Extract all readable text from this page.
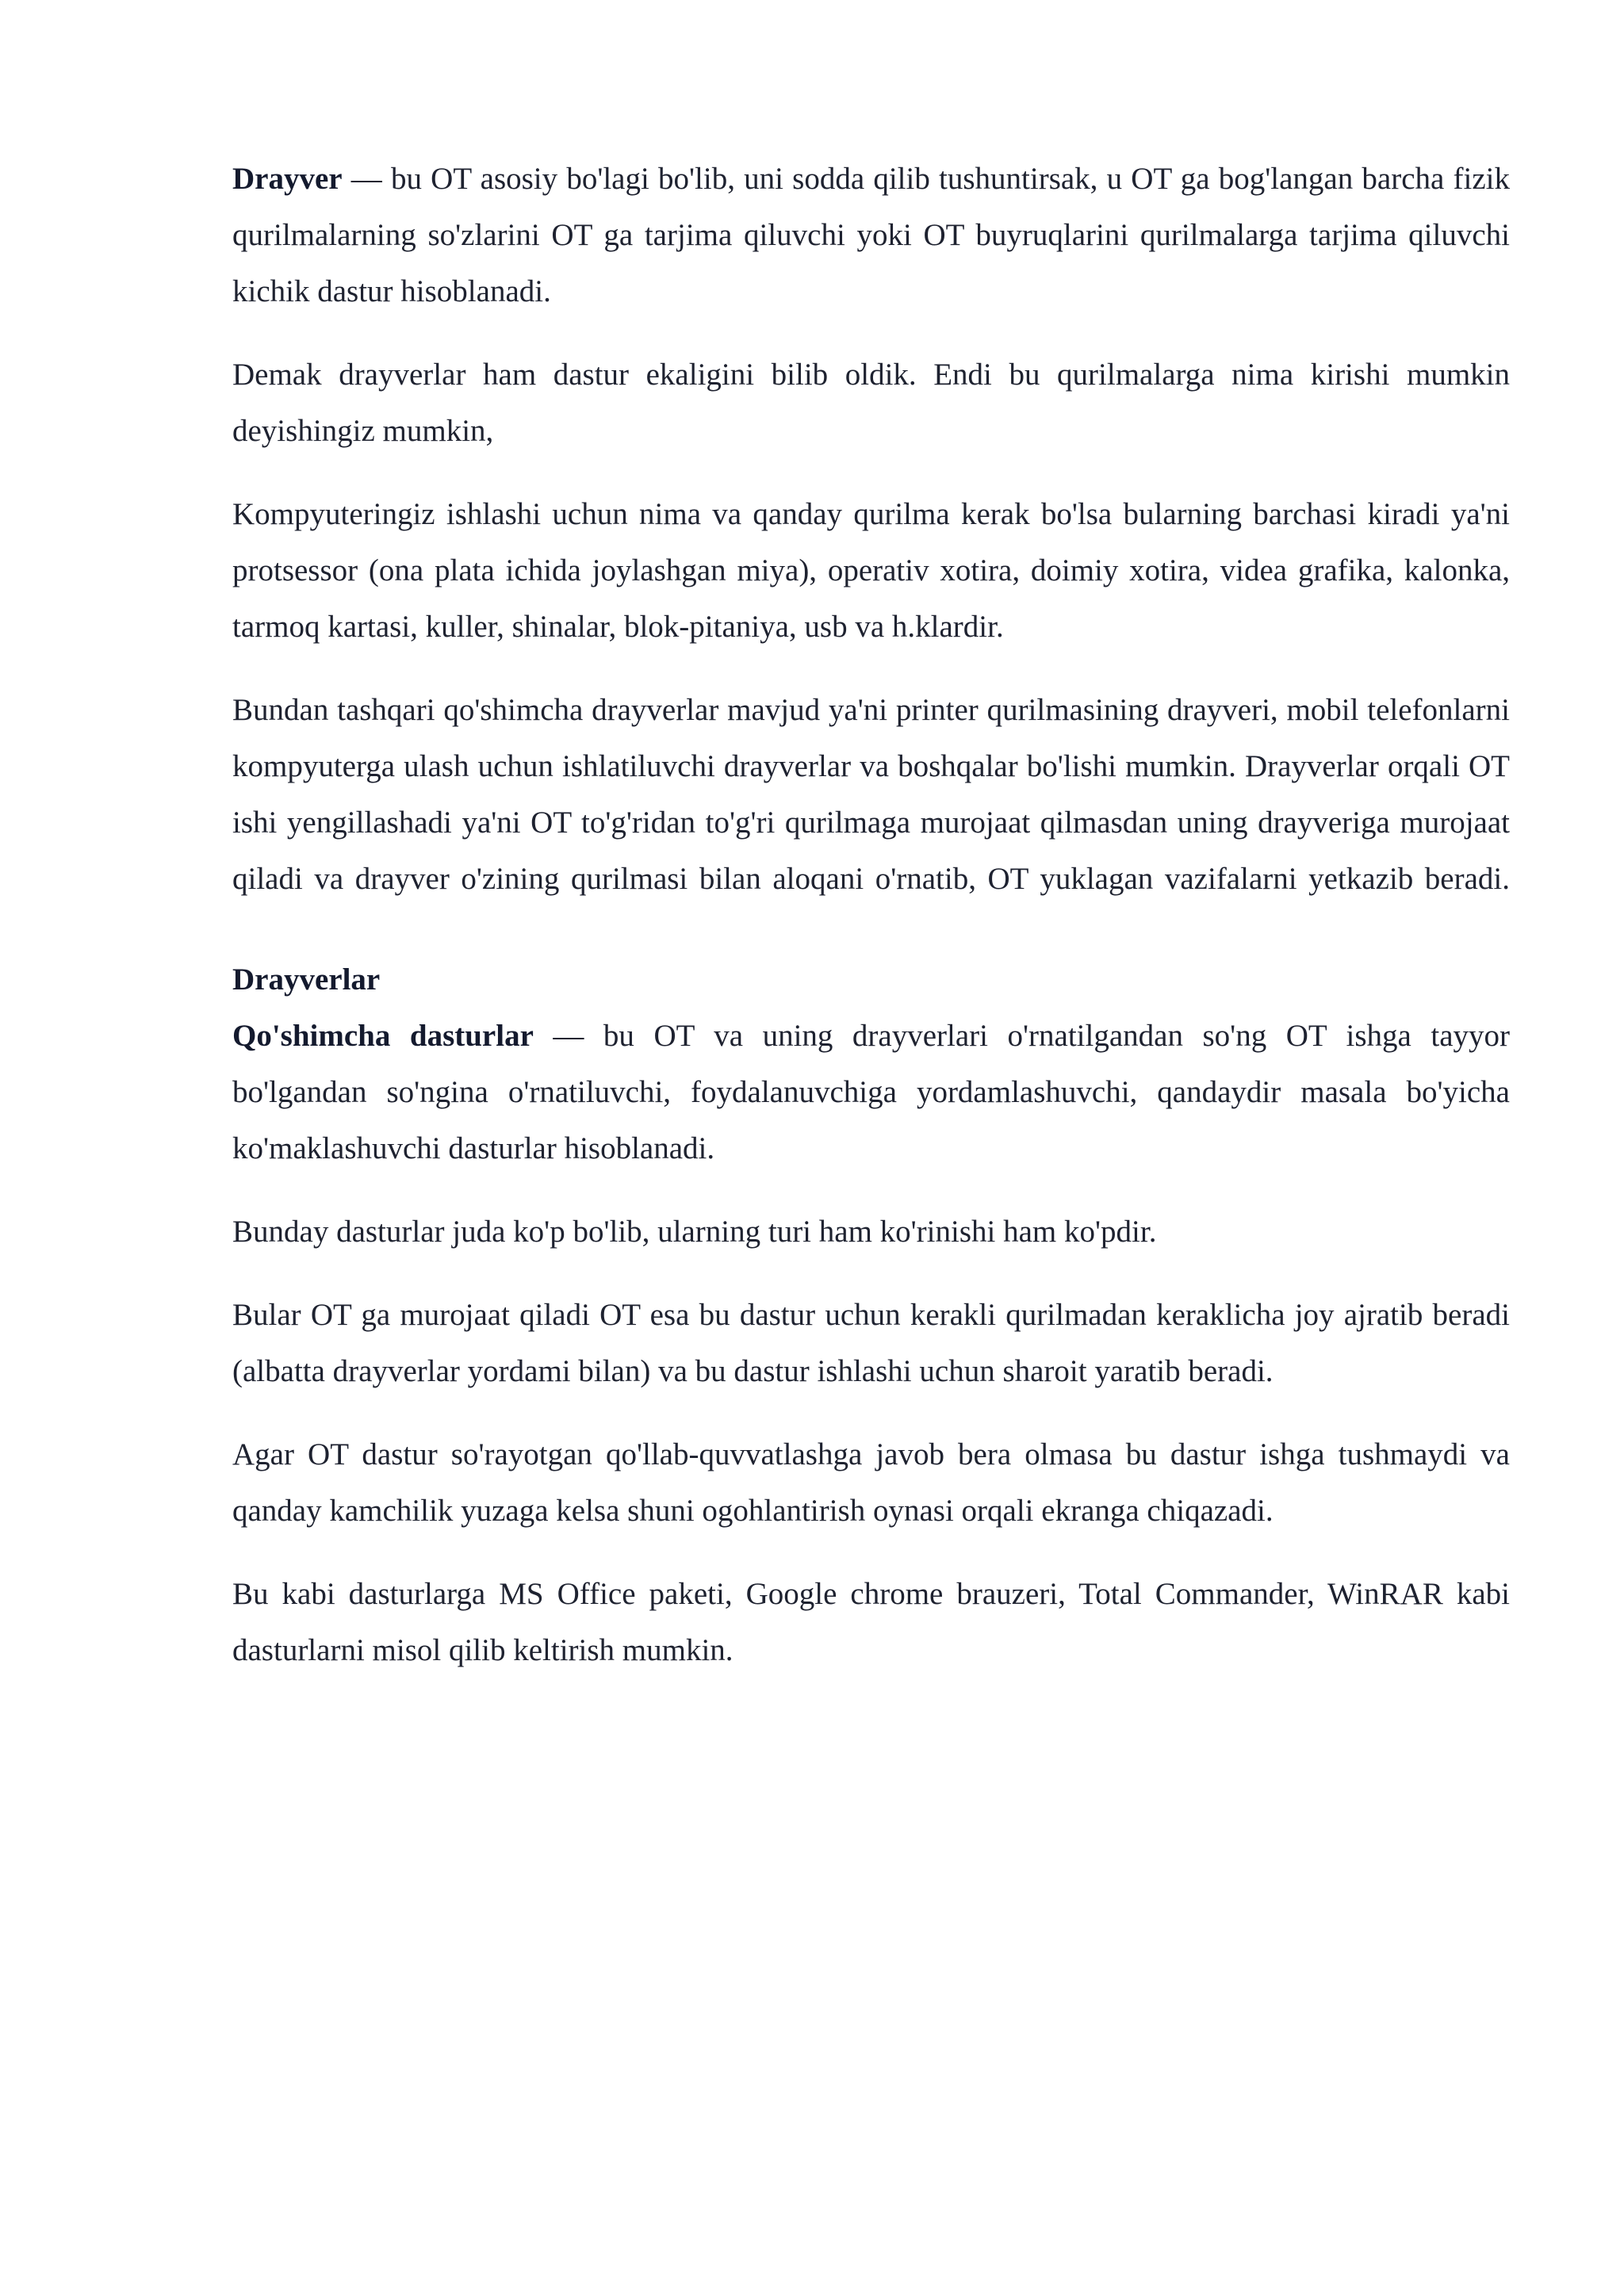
Drayver — bu OT asosiy bo'lagi bo'lib, uni sodda qilib tushuntirsak, u OT ga bog'langan barcha fizik qurilmalarning so'zlarini OT ga tarjima qiluvchi yoki OT buyruqlarini qurilmalarga tarjima qiluvchi kichik dastur hisoblanadi.

Demak drayverlar ham dastur ekaligini bilib oldik. Endi bu qurilmalarga nima kirishi mumkin deyishingiz mumkin,

Kompyuteringiz ishlashi uchun nima va qanday qurilma kerak bo'lsa bularning barchasi kiradi ya'ni protsessor (ona plata ichida joylashgan miya), operativ xotira, doimiy xotira, videa grafika, kalonka, tarmoq kartasi, kuller, shinalar, blok-pitaniya, usb va h.klardir.

Bundan tashqari qo'shimcha drayverlar mavjud ya'ni printer qurilmasining drayveri, mobil telefonlarni kompyuterga ulash uchun ishlatiluvchi drayverlar va boshqalar bo'lishi mumkin. Drayverlar orqali OT ishi yengillashadi ya'ni OT to'g'ridan to'g'ri qurilmaga murojaat qilmasdan uning drayveriga murojaat qiladi va drayver o'zining qurilmasi bilan aloqani o'rnatib, OT yuklagan vazifalarni yetkazib beradi.

Drayverlar

Qo'shimcha dasturlar — bu OT va uning drayverlari o'rnatilgandan so'ng OT ishga tayyor bo'lgandan so'ngina o'rnatiluvchi, foydalanuvchiga yordamlashuvchi, qandaydir masala bo'yicha ko'maklashuvchi dasturlar hisoblanadi.

Bunday dasturlar juda ko'p bo'lib, ularning turi ham ko'rinishi ham ko'pdir.

Bular OT ga murojaat qiladi OT esa bu dastur uchun kerakli qurilmadan keraklicha joy ajratib beradi (albatta drayverlar yordami bilan) va bu dastur ishlashi uchun sharoit yaratib beradi.

Agar OT dastur so'rayotgan qo'llab-quvvatlashga javob bera olmasa bu dastur ishga tushmaydi va qanday kamchilik yuzaga kelsa shuni ogohlantirish oynasi orqali ekranga chiqazadi.

Bu kabi dasturlarga MS Office paketi, Google chrome brauzeri, Total Commander, WinRAR kabi dasturlarni misol qilib keltirish mumkin.
